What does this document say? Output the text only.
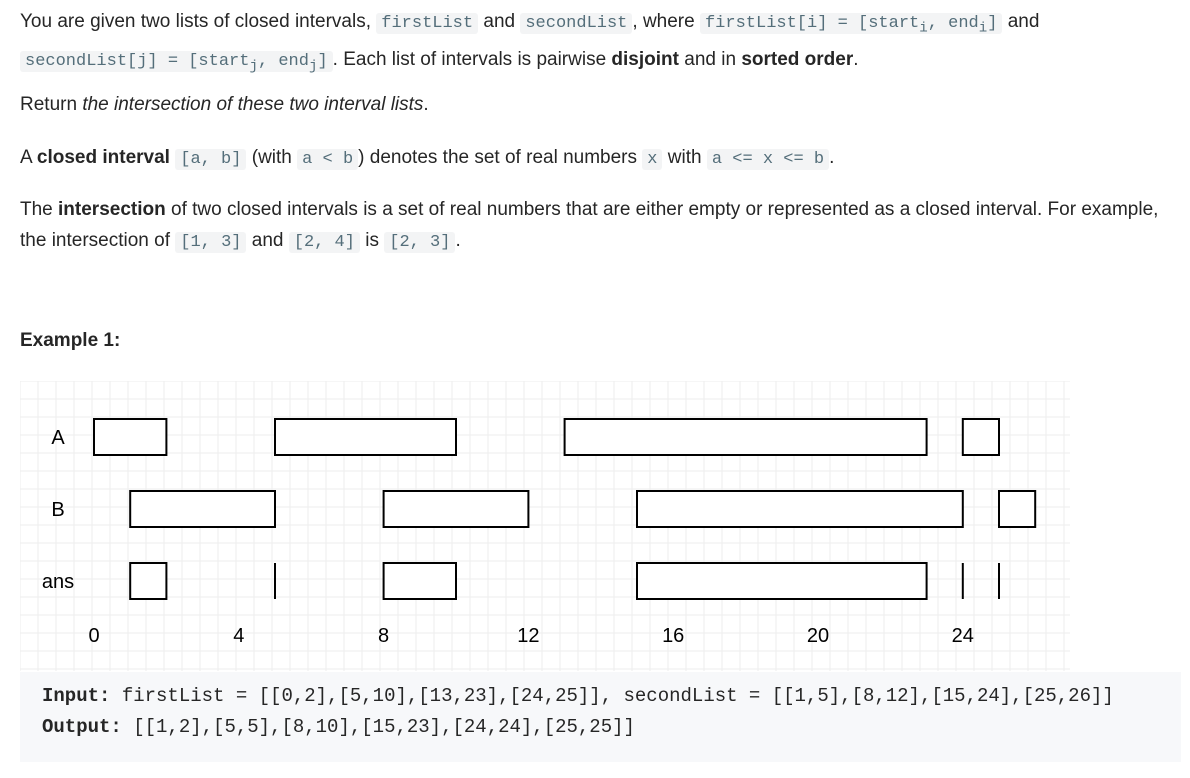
You are given two lists of closed intervals, firstList and secondList , where firstList[i] = [start$_i$, end$_i$] and secondList[j] = [start$_j$, end$_j$] . Each list of intervals is pairwise disjoint and in sorted order.
Return the intersection of these two interval lists.
A closed interval [a, b] (with a < b ) denotes the set of real numbers x with a <= x <= b .
The intersection of two closed intervals is a set of real numbers that are either empty or represented as a closed interval. For example, the intersection of [1, 3] and [2, 4] is [2, 3] .
Example 1:
A
B
ans
0	4	8	12	16	20	24
Input: firstList = [[0,2],[5,10],[13,23],[24,25]], secondList = [[1,5],[8,12],[15,24],[25,26]]
Output: [[1,2],[5,5],[8,10],[15,23],[24,24],[25,25]]
